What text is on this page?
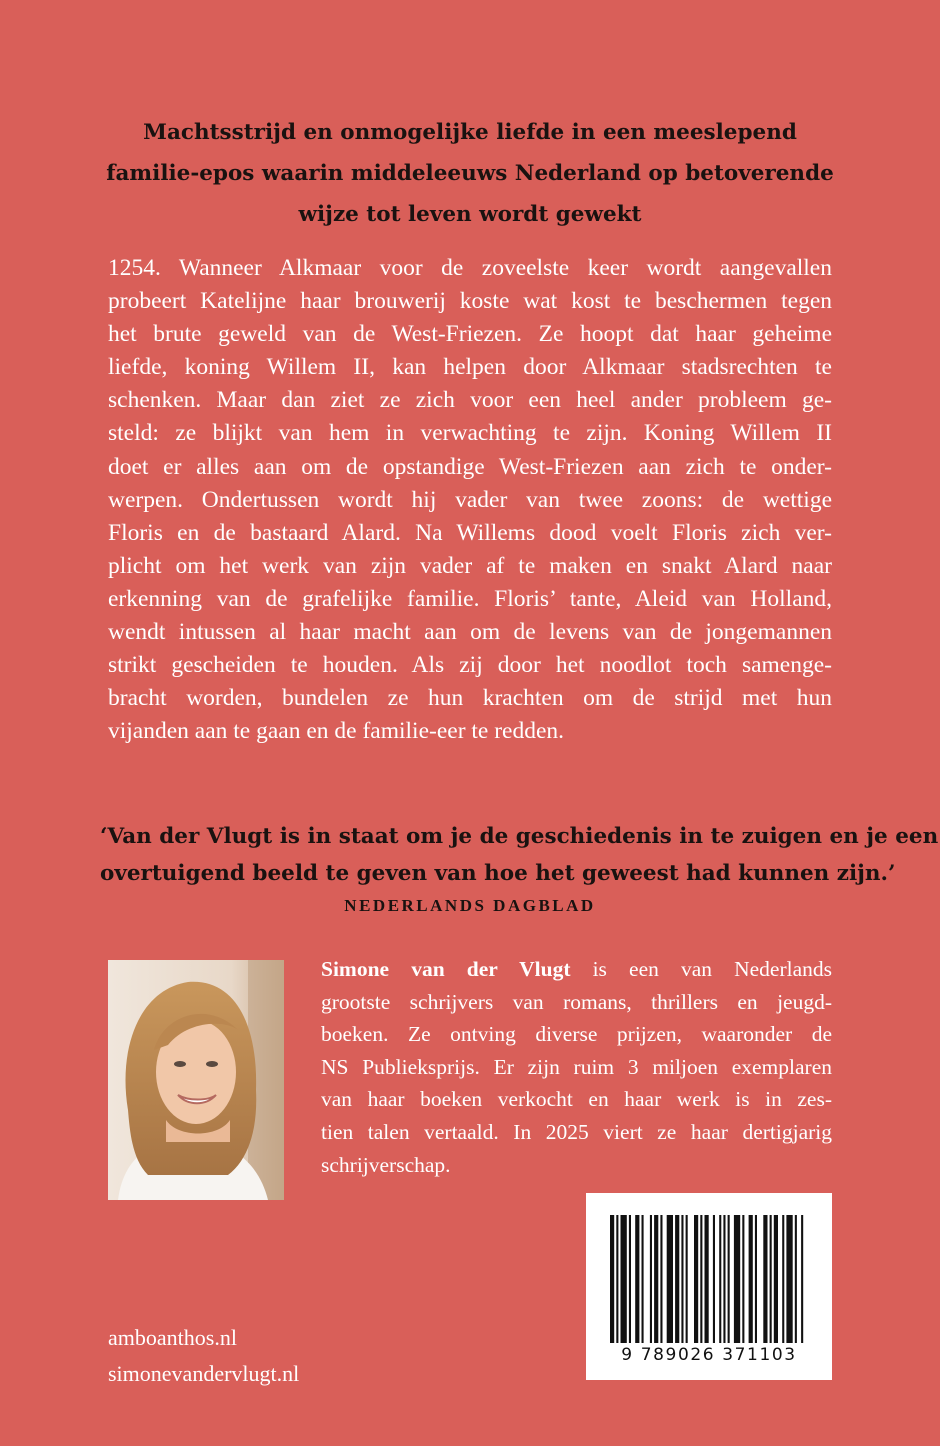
Machtsstrijd en onmogelijke liefde in een meeslepend
familie-epos waarin middeleeuws Nederland op betoverende
wijze tot leven wordt gewekt
1254. Wanneer Alkmaar voor de zoveelste keer wordt aangevallen
probeert Katelijne haar brouwerij koste wat kost te beschermen tegen
het brute geweld van de West-Friezen. Ze hoopt dat haar geheime
liefde, koning Willem II, kan helpen door Alkmaar stadsrechten te
schenken. Maar dan ziet ze zich voor een heel ander probleem ge-
steld: ze blijkt van hem in verwachting te zijn. Koning Willem II
doet er alles aan om de opstandige West-Friezen aan zich te onder-
werpen. Ondertussen wordt hij vader van twee zoons: de wettige
Floris en de bastaard Alard. Na Willems dood voelt Floris zich ver-
plicht om het werk van zijn vader af te maken en snakt Alard naar
erkenning van de grafelijke familie. Floris’ tante, Aleid van Holland,
wendt intussen al haar macht aan om de levens van de jongemannen
strikt gescheiden te houden. Als zij door het noodlot toch samenge-
bracht worden, bundelen ze hun krachten om de strijd met hun
vijanden aan te gaan en de familie-eer te redden.
‘Van der Vlugt is in staat om je de geschiedenis in te zuigen en je een
overtuigend beeld te geven van hoe het geweest had kunnen zijn.’
NEDERLANDS DAGBLAD
Simone van der Vlugt is een van Nederlands
grootste schrijvers van romans, thrillers en jeugd-
boeken. Ze ontving diverse prijzen, waaronder de
NS Publieksprijs. Er zijn ruim 3 miljoen exemplaren
van haar boeken verkocht en haar werk is in zes-
tien talen vertaald. In 2025 viert ze haar dertigjarig
schrijverschap.
9 789026 371103
amboanthos.nl
simonevandervlugt.nl
